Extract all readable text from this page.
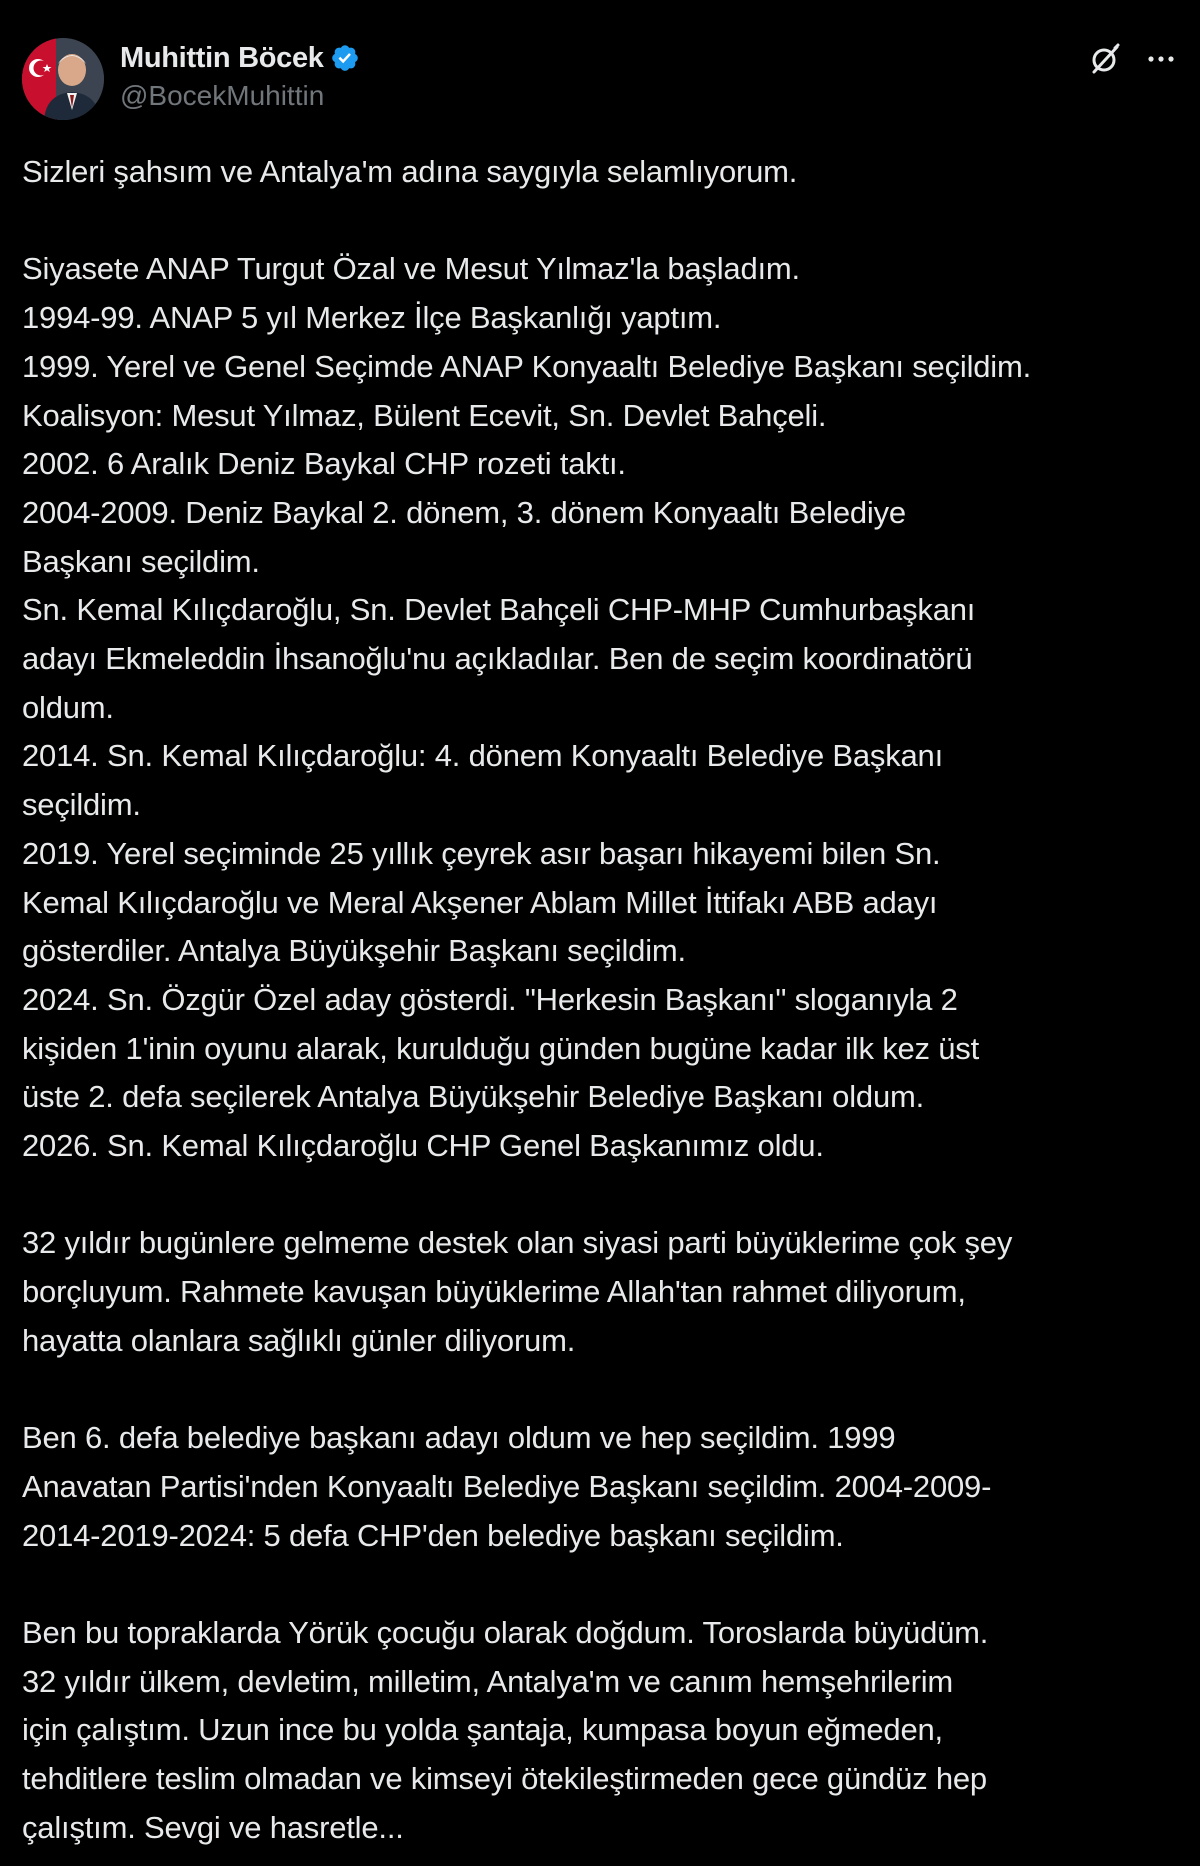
Muhittin Böcek
@BocekMuhittin
Sizleri şahsım ve Antalya'm adına saygıyla selamlıyorum.
Siyasete ANAP Turgut Özal ve Mesut Yılmaz'la başladım.
1994-99. ANAP 5 yıl Merkez İlçe Başkanlığı yaptım.
1999. Yerel ve Genel Seçimde ANAP Konyaaltı Belediye Başkanı seçildim.
Koalisyon: Mesut Yılmaz, Bülent Ecevit, Sn. Devlet Bahçeli.
2002. 6 Aralık Deniz Baykal CHP rozeti taktı.
2004-2009. Deniz Baykal 2. dönem, 3. dönem Konyaaltı Belediye
Başkanı seçildim.
Sn. Kemal Kılıçdaroğlu, Sn. Devlet Bahçeli CHP-MHP Cumhurbaşkanı
adayı Ekmeleddin İhsanoğlu'nu açıkladılar. Ben de seçim koordinatörü
oldum.
2014. Sn. Kemal Kılıçdaroğlu: 4. dönem Konyaaltı Belediye Başkanı
seçildim.
2019. Yerel seçiminde 25 yıllık çeyrek asır başarı hikayemi bilen Sn.
Kemal Kılıçdaroğlu ve Meral Akşener Ablam Millet İttifakı ABB adayı
gösterdiler. Antalya Büyükşehir Başkanı seçildim.
2024. Sn. Özgür Özel aday gösterdi. "Herkesin Başkanı" sloganıyla 2
kişiden 1'inin oyunu alarak, kurulduğu günden bugüne kadar ilk kez üst
üste 2. defa seçilerek Antalya Büyükşehir Belediye Başkanı oldum.
2026. Sn. Kemal Kılıçdaroğlu CHP Genel Başkanımız oldu.
32 yıldır bugünlere gelmeme destek olan siyasi parti büyüklerime çok şey
borçluyum. Rahmete kavuşan büyüklerime Allah'tan rahmet diliyorum,
hayatta olanlara sağlıklı günler diliyorum.
Ben 6. defa belediye başkanı adayı oldum ve hep seçildim. 1999
Anavatan Partisi'nden Konyaaltı Belediye Başkanı seçildim. 2004-2009-
2014-2019-2024: 5 defa CHP'den belediye başkanı seçildim.
Ben bu topraklarda Yörük çocuğu olarak doğdum. Toroslarda büyüdüm.
32 yıldır ülkem, devletim, milletim, Antalya'm ve canım hemşehrilerim
için çalıştım. Uzun ince bu yolda şantaja, kumpasa boyun eğmeden,
tehditlere teslim olmadan ve kimseyi ötekileştirmeden gece gündüz hep
çalıştım. Sevgi ve hasretle...
